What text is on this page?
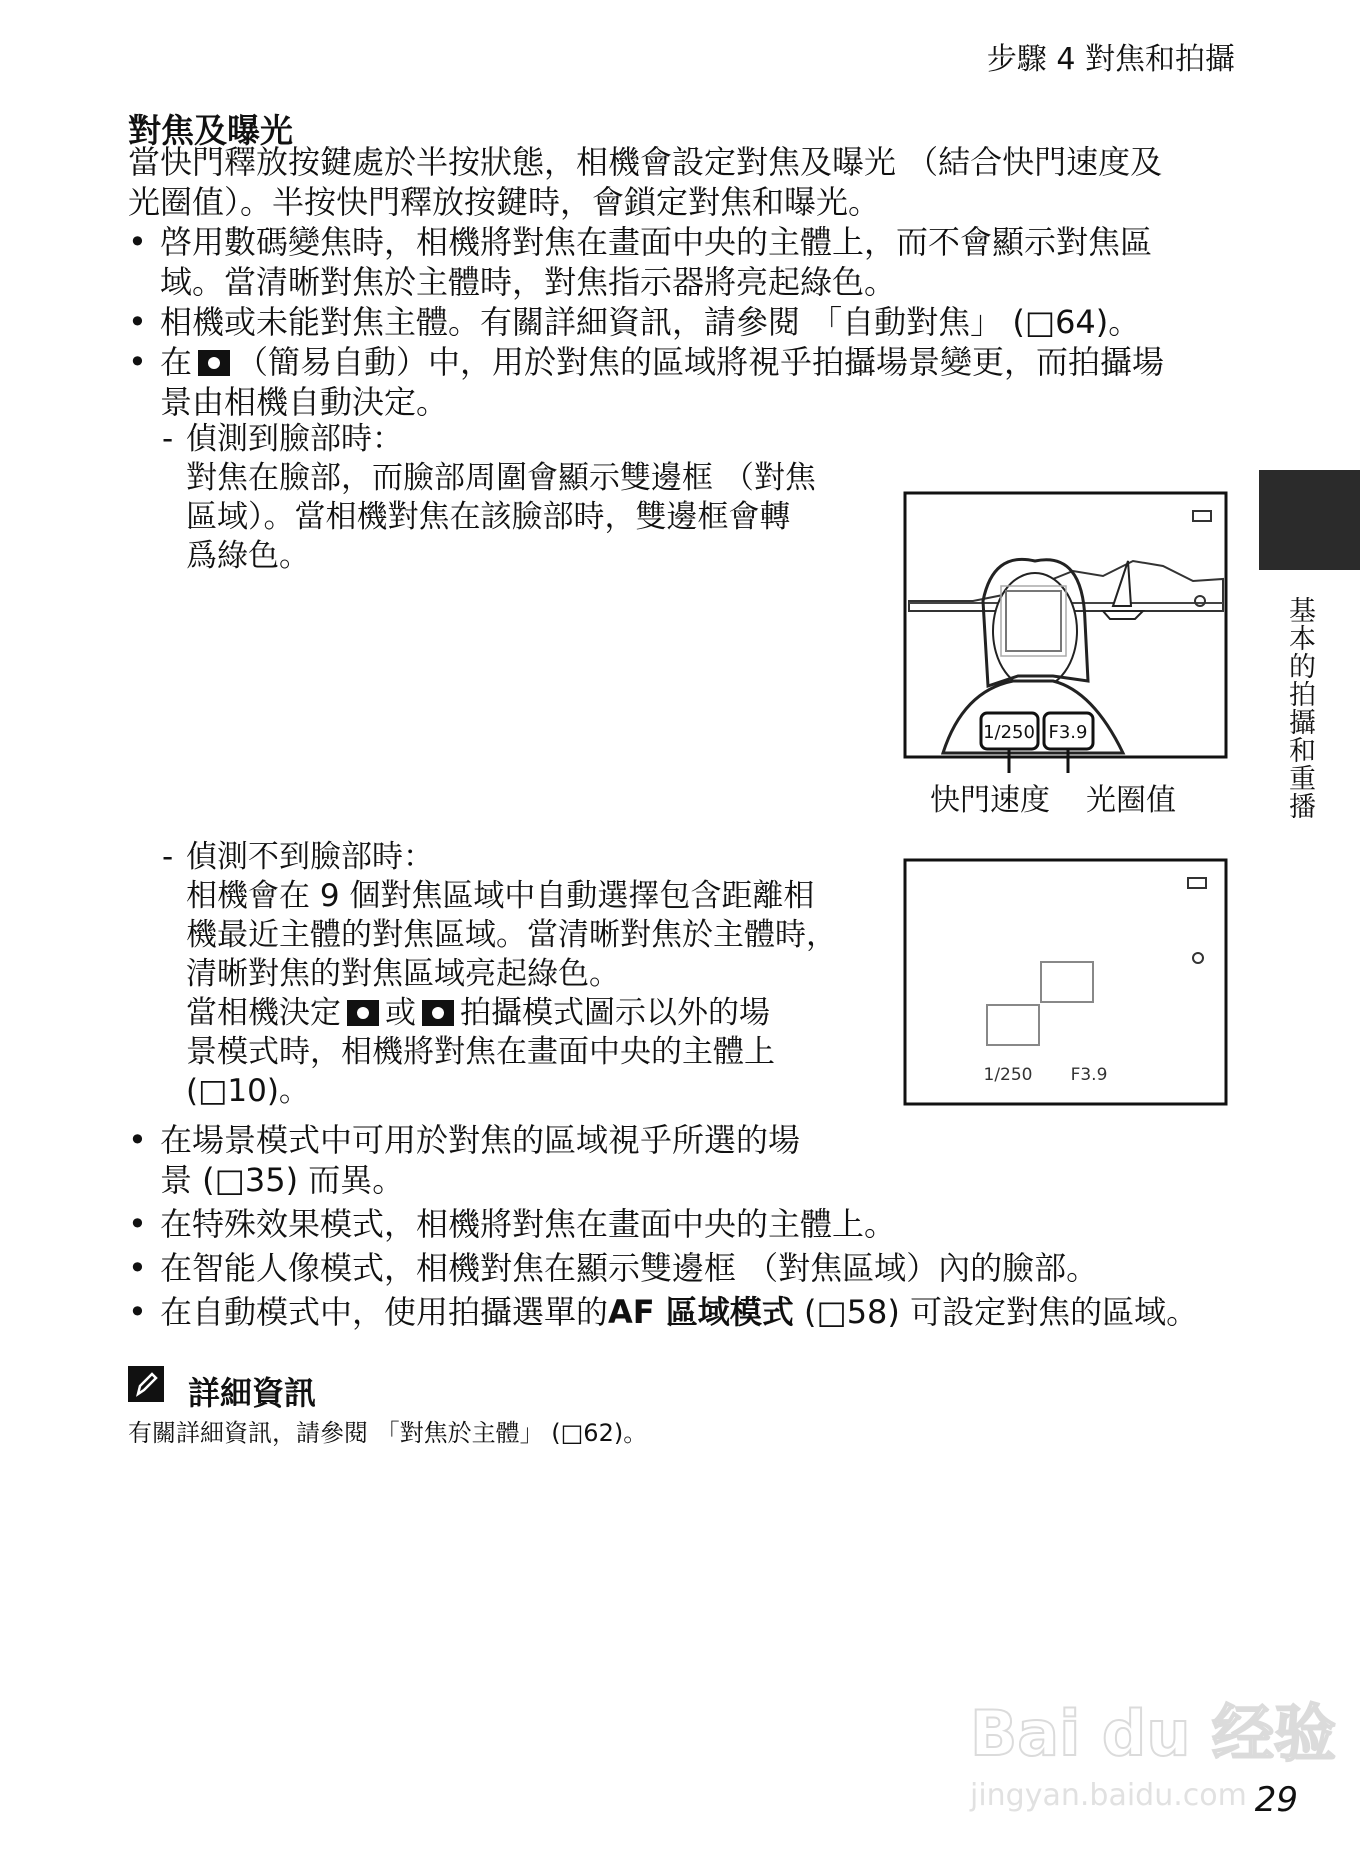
步驟 4 對焦和拍攝
對焦及曝光
當快門釋放按鍵處於半按狀態，相機會設定對焦及曝光 （結合快門速度及
光圈值）。半按快門釋放按鍵時，會鎖定對焦和曝光。
• 啓用數碼變焦時，相機將對焦在畫面中央的主體上，而不會顯示對焦區
域。當清晰對焦於主體時，對焦指示器將亮起綠色。
• 相機或未能對焦主體。有關詳細資訊，請參閱 「自動對焦」 (□64)。
• 在 （簡易自動）中，用於對焦的區域將視乎拍攝場景變更，而拍攝場
景由相機自動決定。
- 偵測到臉部時：
對焦在臉部，而臉部周圍會顯示雙邊框 （對焦
區域）。當相機對焦在該臉部時，雙邊框會轉
爲綠色。
1/250 F3.9
快門速度 光圈值
- 偵測不到臉部時：
相機會在 9 個對焦區域中自動選擇包含距離相
機最近主體的對焦區域。當清晰對焦於主體時，
清晰對焦的對焦區域亮起綠色。
當相機決定 或 拍攝模式圖示以外的場
景模式時，相機將對焦在畫面中央的主體上
(□10)。	1/250 F3.9
• 在場景模式中可用於對焦的區域視乎所選的場
景 (□35) 而異。
• 在特殊效果模式，相機將對焦在畫面中央的主體上。
• 在智能人像模式，相機對焦在顯示雙邊框 （對焦區域）內的臉部。
• 在自動模式中，使用拍攝選單的AF 區域模式 (□58) 可設定對焦的區域。
詳細資訊
有關詳細資訊，請參閱 「對焦於主體」 (□62)。
基本的拍攝和重播
Bai du 经验
jingyan.baidu.com 29
